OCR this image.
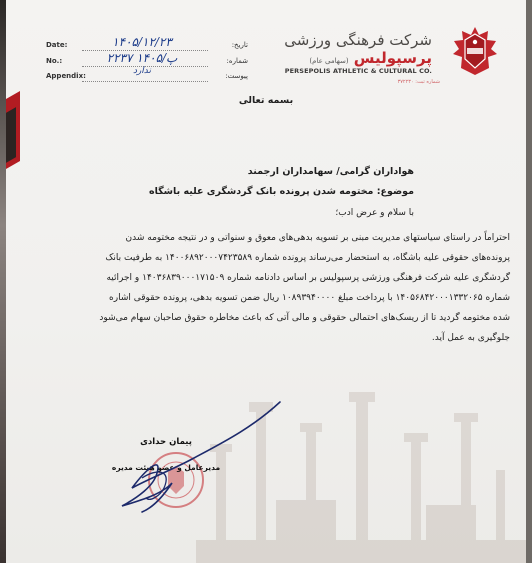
شرکت فرهنگی ورزشی
پرسپولیس (سهامی عام)
PERSEPOLIS ATHLETIC & CULTURAL CO.
شماره ثبت: ۳۷۲۲۳۰
Date:	۱۴۰۵/۱۲/۲۳	تاریخ:
No.:	۲۲۳۷ پ/۱۴۰۵	شماره:
Appendix:	ندارد	پیوست:
بسمه تعالی
هواداران گرامی/ سهامداران ارجمند
موضوع: مختومه شدن پرونده بانک گردشگری علیه باشگاه
با سلام و عرض ادب؛
احتراماً در راستای سیاستهای مدیریت مبنی بر تسویه بدهی‌های معوق و سنواتی و در نتیجه مختومه شدن
پرونده‌های حقوقی علیه باشگاه، به استحضار می‌رساند پرونده شماره ۱۴۰۰۶۸۹۲۰۰۰۷۴۲۳۵۸۹ به طرفیت بانک
گردشگری علیه شرکت فرهنگی ورزشی پرسپولیس بر اساس دادنامه شماره ۱۴۰۳۶۸۳۹۰۰۰۱۷۱۵۰۹ و اجرائیه
شماره ۱۴۰۵۶۸۴۲۰۰۰۱۳۳۲۰۶۵ با پرداخت مبلغ ۱۰۸۹۳۹۴۰۰۰۰ ریال ضمن تسویه بدهی، پرونده حقوقی اشاره
شده مختومه گردید تا از ریسک‌های احتمالی حقوقی و مالی آتی که باعث مخاطره حقوق صاحبان سهام می‌شود
جلوگیری به عمل آید.
پیمان حدادی
مدیرعامل و عضو هیئت مدیره
